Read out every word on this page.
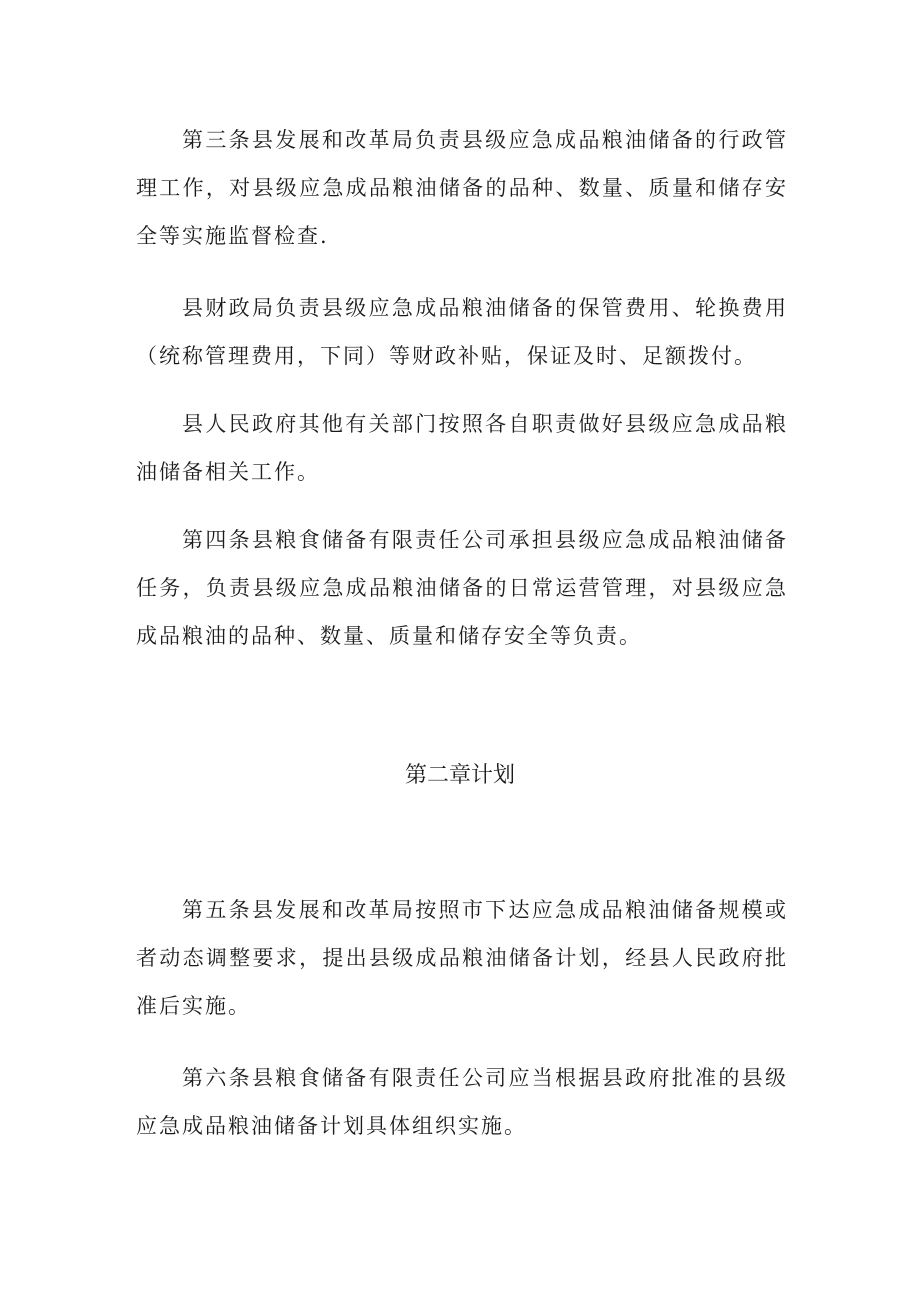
第三条县发展和改革局负责县级应急成品粮油储备的行政管理工作，对县级应急成品粮油储备的品种、数量、质量和储存安全等实施监督检查.

县财政局负责县级应急成品粮油储备的保管费用、轮换费用（统称管理费用，下同）等财政补贴，保证及时、足额拨付。

县人民政府其他有关部门按照各自职责做好县级应急成品粮油储备相关工作。

第四条县粮食储备有限责任公司承担县级应急成品粮油储备任务，负责县级应急成品粮油储备的日常运营管理，对县级应急成品粮油的品种、数量、质量和储存安全等负责。

第二章计划

第五条县发展和改革局按照市下达应急成品粮油储备规模或者动态调整要求，提出县级成品粮油储备计划，经县人民政府批准后实施。

第六条县粮食储备有限责任公司应当根据县政府批准的县级应急成品粮油储备计划具体组织实施。
